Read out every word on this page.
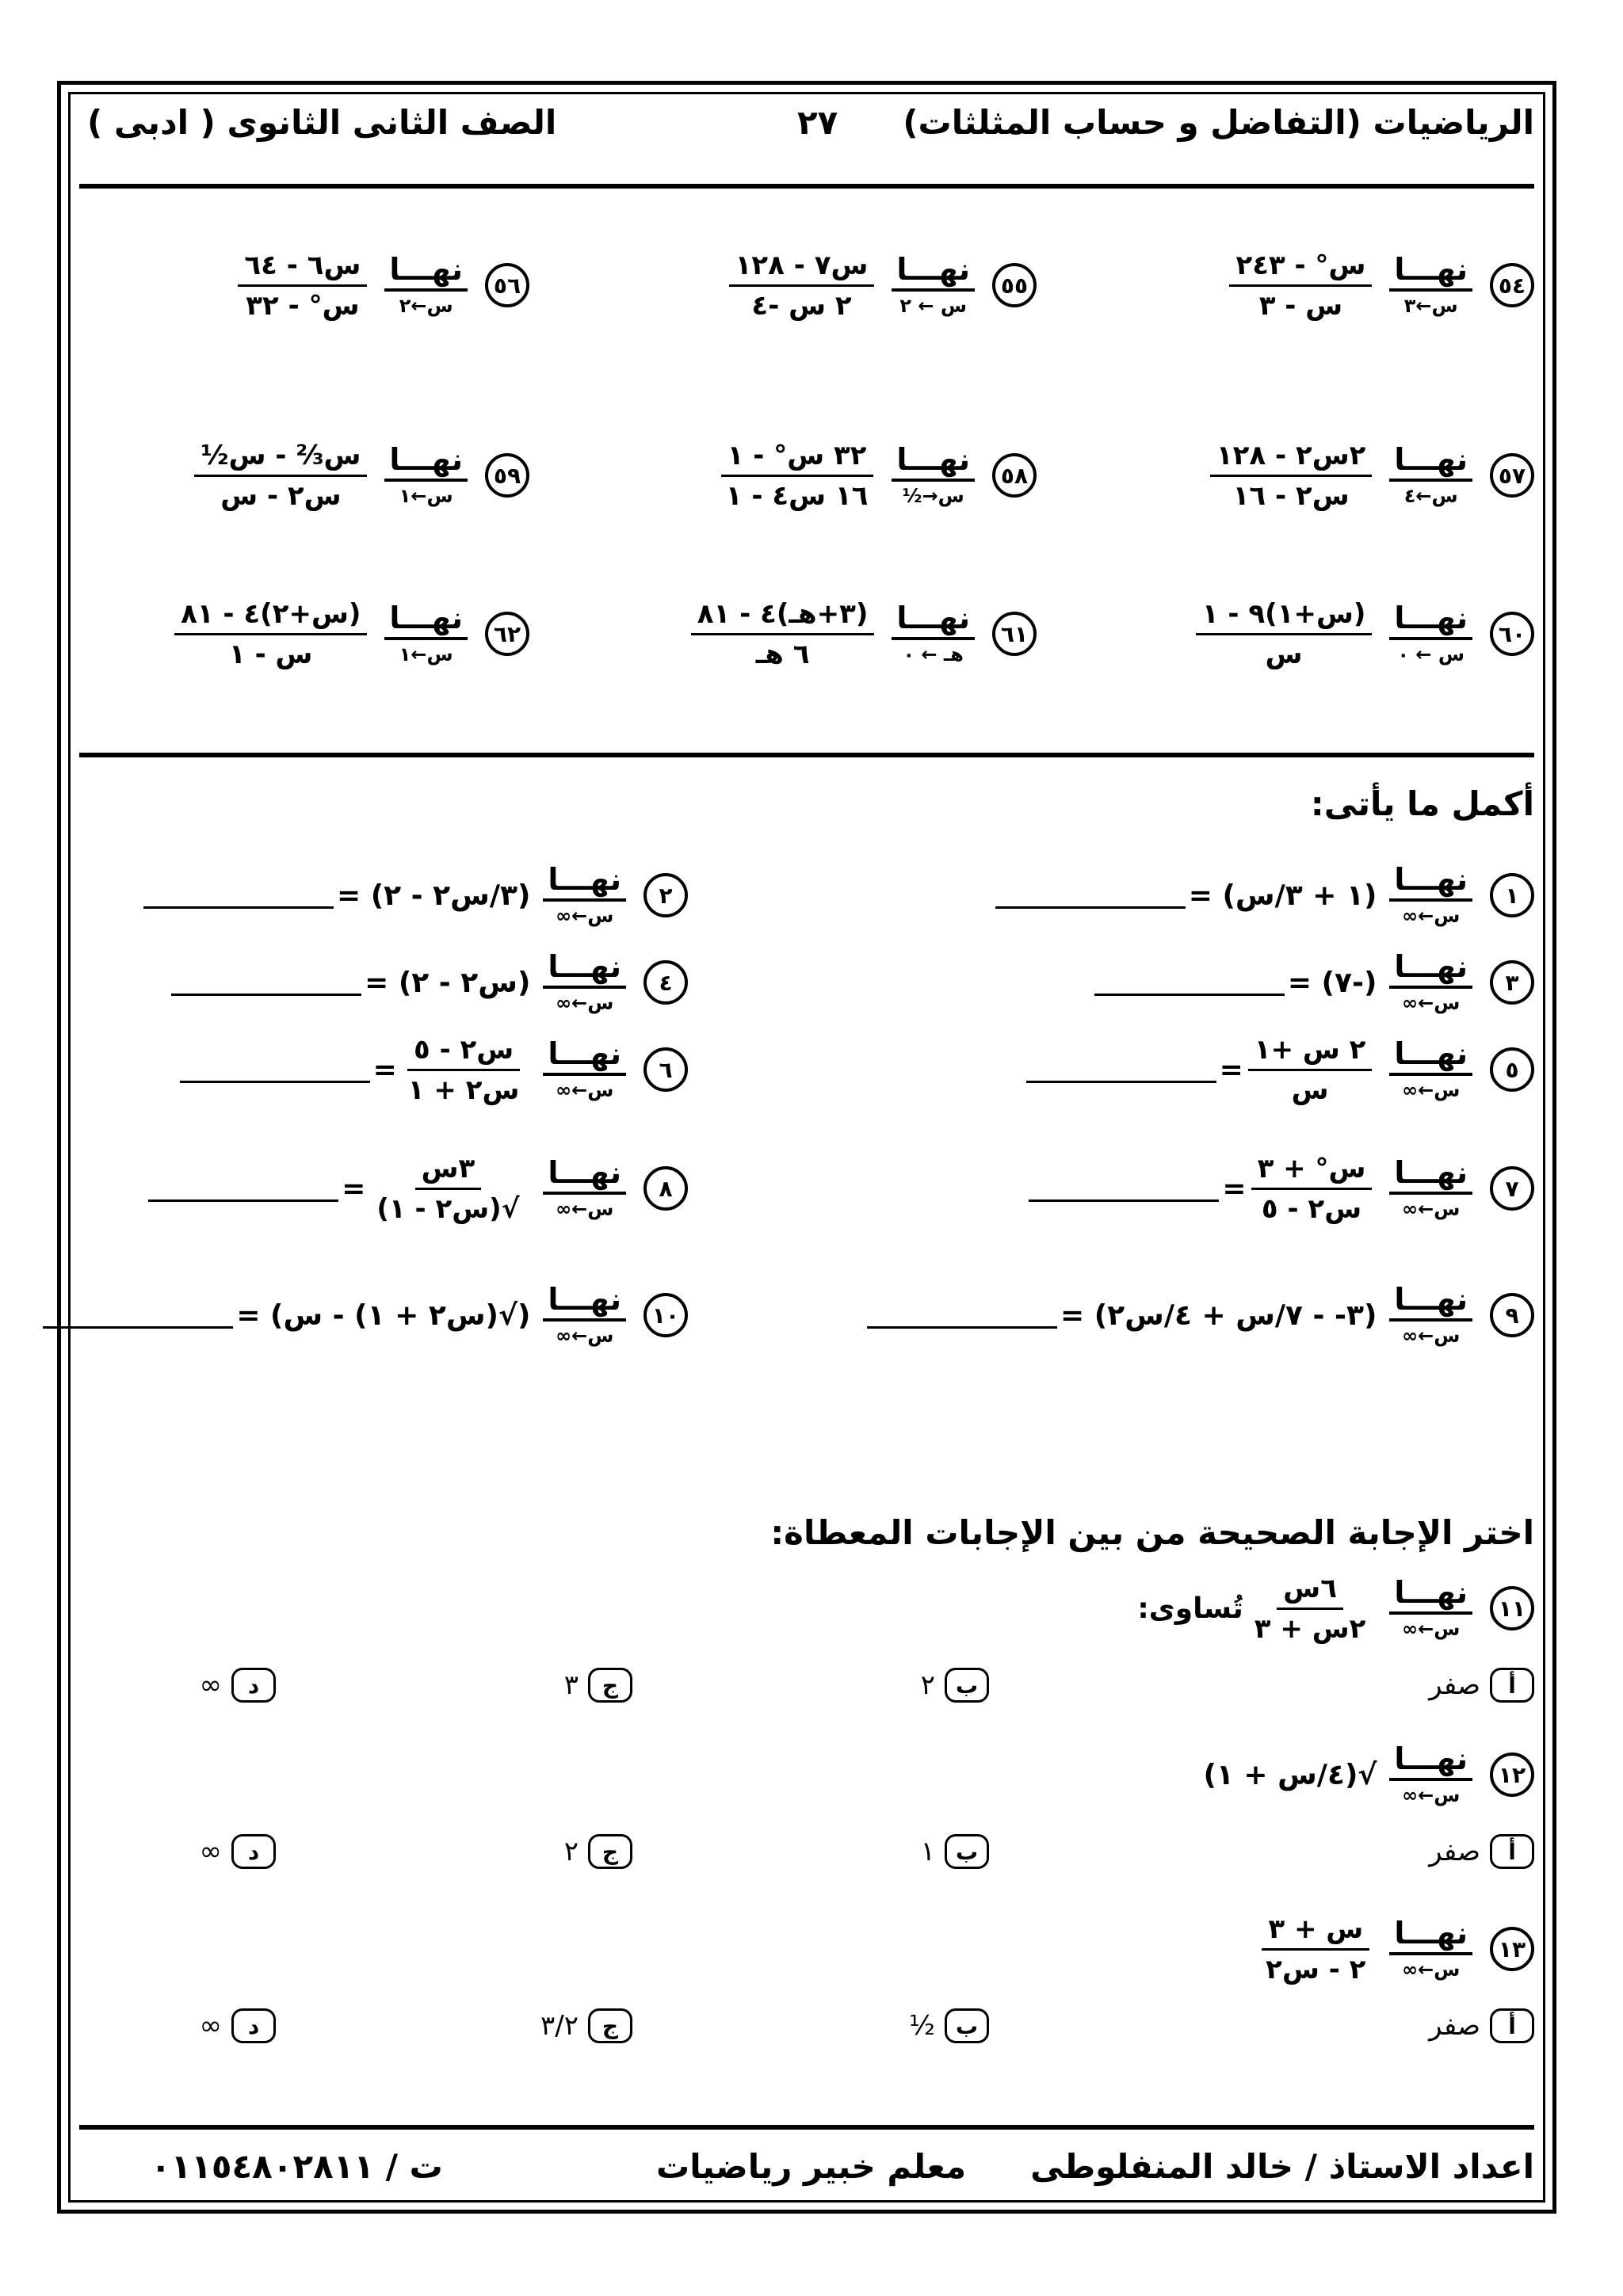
الرياضيات (التفاضل و حساب المثلثات)
٢٧
الصف الثانى الثانوى ( ادبى )
٥٤
نهـــا
س←٣
$\frac{\text{س° - ٢٤٣}}{\text{س - ٣}}$
٥٥
نهـــا
س ← ٢
$\frac{\text{س٧ - ١٢٨}}{\text{٢ س -٤}}$
٥٦
نهـــا
س←٢
$\frac{\text{س٦ - ٦٤}}{\text{س° - ٣٢}}$
٥٧
نهـــا
س←٤
$\frac{\text{٢س٢ - ١٢٨}}{\text{س٢ - ١٦}}$
٥٨
نهـــا
س→½
$\frac{\text{٣٢ س° - ١}}{\text{١٦ س٤ - ١}}$
٥٩
نهـــا
س←١
$\frac{\text{س⅔ - س½}}{\text{س٢ - س}}$
٦٠
نهـــا
س ← ٠
$\frac{\text{(س+١)٩ - ١}}{\text{س}}$
٦١
نهـــا
هـ ← ٠
$\frac{\text{(٣+هـ)٤ - ٨١}}{\text{٦ هـ}}$
٦٢
نهـــا
س←١
$\frac{\text{(س+٢)٤ - ٨١}}{\text{س - ١}}$
أكمل ما يأتى:
١
نهـــا
س←∞
(١ + ٣/س) =
٢
نهـــا
س←∞
(٣/س٢ - ٢) =
٣
نهـــا
س←∞
(-٧) =
٤
نهـــا
س←∞
(س٢ - ٢) =
٥
نهـــا
س←∞
$\frac{\text{٢ س +١}}{\text{س}}$
=
٦
نهـــا
س←∞
$\frac{\text{س٢ - ٥}}{\text{س٢ + ١}}$
=
٧
نهـــا
س←∞
$\frac{\text{س° + ٣}}{\text{س٢ - ٥}}$
=
٨
نهـــا
س←∞
$\frac{\text{٣س}}{\text{√(س٢ - ١)}}$
=
٩
نهـــا
س←∞
(٣- - ٧/س + ٤/س٢) =
١٠
نهـــا
س←∞
(√(س٢ + ١) - س) =
اختر الإجابة الصحيحة من بين الإجابات المعطاة:
١١
نهـــا
س←∞
$\frac{\text{٦س}}{\text{٢س + ٣}}$
تُساوى:
أ
صفر
ب
٢
ج
٣
د
∞
١٢
نهـــا
س←∞
√(٤/س + ١)
أ
صفر
ب
١
ج
٢
د
∞
١٣
نهـــا
س←∞
$\frac{\text{س + ٣}}{\text{٢ - س٢}}$
أ
صفر
ب
½
ج
٣/٢
د
∞
اعداد الاستاذ / خالد المنفلوطى
معلم خبير رياضيات
ت / ٠١١٥٤٨٠٢٨١١
